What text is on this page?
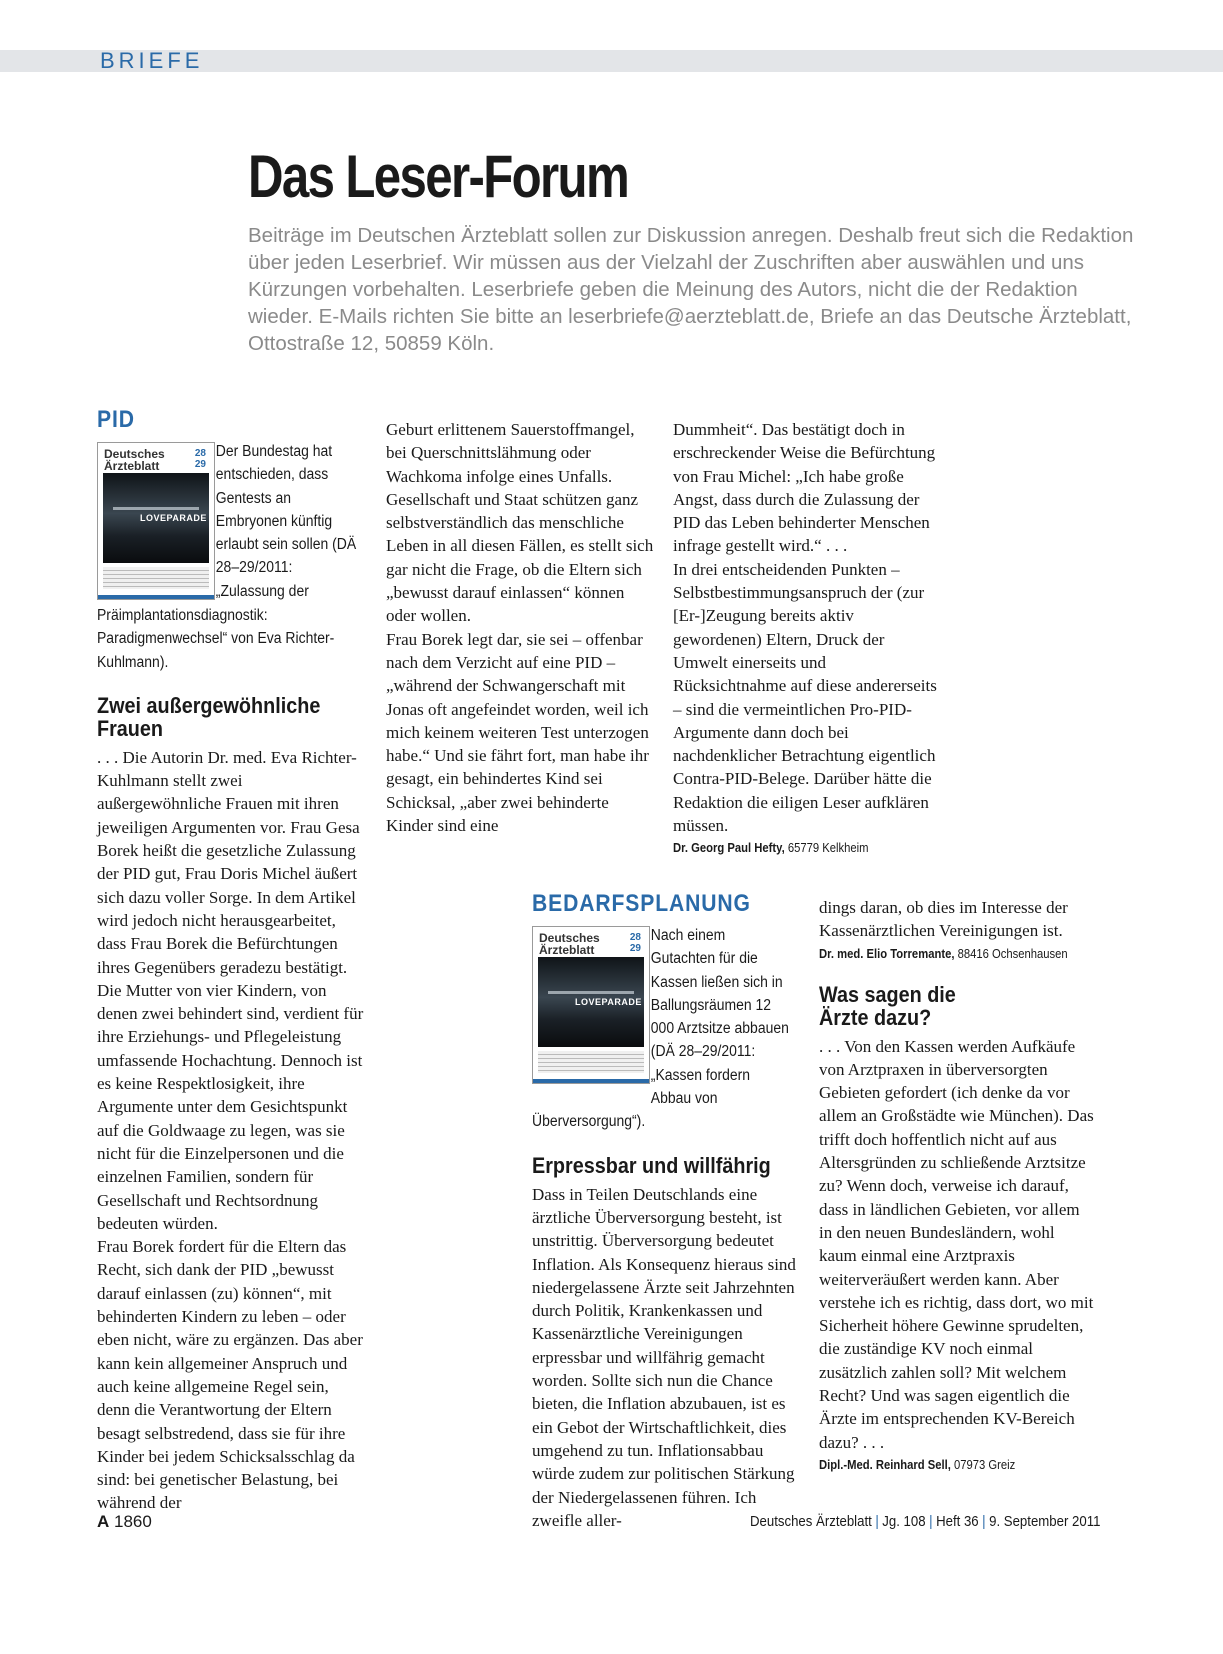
BRIEFE
Das Leser-Forum
Beiträge im Deutschen Ärzteblatt sollen zur Diskussion anregen. Deshalb freut sich die Redaktion über jeden Leserbrief. Wir müssen aus der Vielzahl der Zuschriften aber auswählen und uns Kürzungen vorbehalten. Leserbriefe geben die Meinung des Autors, nicht die der Redaktion wieder. E-Mails richten Sie bitte an leserbriefe@aerzteblatt.de, Briefe an das Deutsche Ärzteblatt, Ottostraße 12, 50859 Köln.
PID
Deutsches
Ärzteblatt
28
29
LOVEPARADE
Der Bundestag hat entschieden, dass Gentests an Embryonen künftig erlaubt sein sollen (DÄ 28–29/2011: „Zulassung der Präimplantationsdiagnostik: Paradigmenwechsel“ von Eva Richter-Kuhlmann).
Zwei außergewöhnliche Frauen

. . . Die Autorin Dr. med. Eva Richter-Kuhlmann stellt zwei außergewöhnliche Frauen mit ihren jeweiligen Argumenten vor. Frau Gesa Borek heißt die gesetzliche Zulassung der PID gut, Frau Doris Michel äußert sich dazu voller Sorge. In dem Artikel wird jedoch nicht herausgearbeitet, dass Frau Borek die Befürchtungen ihres Gegenübers geradezu bestätigt. Die Mutter von vier Kindern, von denen zwei behindert sind, verdient für ihre Erziehungs- und Pflegeleistung umfassende Hochachtung. Dennoch ist es keine Respektlosigkeit, ihre Argumente unter dem Gesichtspunkt auf die Goldwaage zu legen, was sie nicht für die Einzelpersonen und die einzelnen Familien, sondern für Gesellschaft und Rechtsordnung bedeuten würden.

Frau Borek fordert für die Eltern das Recht, sich dank der PID „bewusst darauf einlassen (zu) können“, mit behinderten Kindern zu leben – oder eben nicht, wäre zu ergänzen. Das aber kann kein allgemeiner Anspruch und auch keine allgemeine Regel sein, denn die Verantwortung der Eltern besagt selbstredend, dass sie für ihre Kinder bei jedem Schicksalsschlag da sind: bei genetischer Belastung, bei während der

Geburt erlittenem Sauerstoffmangel, bei Querschnittslähmung oder Wachkoma infolge eines Unfalls. Gesellschaft und Staat schützen ganz selbstverständlich das menschliche Leben in all diesen Fällen, es stellt sich gar nicht die Frage, ob die Eltern sich „bewusst darauf einlassen“ können oder wollen.

Frau Borek legt dar, sie sei – offenbar nach dem Verzicht auf eine PID – „während der Schwangerschaft mit Jonas oft angefeindet worden, weil ich mich keinem weiteren Test unterzogen habe.“ Und sie fährt fort, man habe ihr gesagt, ein behindertes Kind sei Schicksal, „aber zwei behinderte Kinder sind eine

Dummheit“. Das bestätigt doch in erschreckender Weise die Befürchtung von Frau Michel: „Ich habe große Angst, dass durch die Zulassung der PID das Leben behinderter Menschen infrage gestellt wird.“ . . .

In drei entscheidenden Punkten – Selbstbestimmungsanspruch der (zur [Er-]Zeugung bereits aktiv gewordenen) Eltern, Druck der Umwelt einerseits und Rücksichtnahme auf diese andererseits – sind die vermeintlichen Pro-PID-Argumente dann doch bei nachdenklicher Betrachtung eigentlich Contra-PID-Belege. Darüber hätte die Redaktion die eiligen Leser aufklären müssen.

Dr. Georg Paul Hefty, 65779 Kelkheim
BEDARFSPLANUNG
Deutsches
Ärzteblatt
28
29
LOVEPARADE
Nach einem Gutachten für die Kassen ließen sich in Ballungsräumen 12 000 Arztsitze abbauen (DÄ 28–29/2011: „Kassen fordern Abbau von Überversorgung“).
Erpressbar und willfährig

Dass in Teilen Deutschlands eine ärztliche Überversorgung besteht, ist unstrittig. Überversorgung bedeutet Inflation. Als Konsequenz hieraus sind niedergelassene Ärzte seit Jahrzehnten durch Politik, Krankenkassen und Kassenärztliche Vereinigungen erpressbar und willfährig gemacht worden. Sollte sich nun die Chance bieten, die Inflation abzubauen, ist es ein Gebot der Wirtschaftlichkeit, dies umgehend zu tun. Inflationsabbau würde zudem zur politischen Stärkung der Niedergelassenen führen. Ich zweifle aller-

dings daran, ob dies im Interesse der Kassenärztlichen Vereinigungen ist.

Dr. med. Elio Torremante, 88416 Ochsenhausen
Was sagen die Ärzte dazu?

. . . Von den Kassen werden Aufkäufe von Arztpraxen in überversorgten Gebieten gefordert (ich denke da vor allem an Großstädte wie München). Das trifft doch hoffentlich nicht auf aus Altersgründen zu schließende Arztsitze zu? Wenn doch, verweise ich darauf, dass in ländlichen Gebieten, vor allem in den neuen Bundesländern, wohl kaum einmal eine Arztpraxis weiterveräußert werden kann. Aber verstehe ich es richtig, dass dort, wo mit Sicherheit höhere Gewinne sprudelten, die zuständige KV noch einmal zusätzlich zahlen soll? Mit welchem Recht? Und was sagen eigentlich die Ärzte im entsprechenden KV-Bereich dazu? . . .

Dipl.-Med. Reinhard Sell, 07973 Greiz
A 1860	Deutsches Ärzteblatt | Jg. 108 | Heft 36 | 9. September 2011
